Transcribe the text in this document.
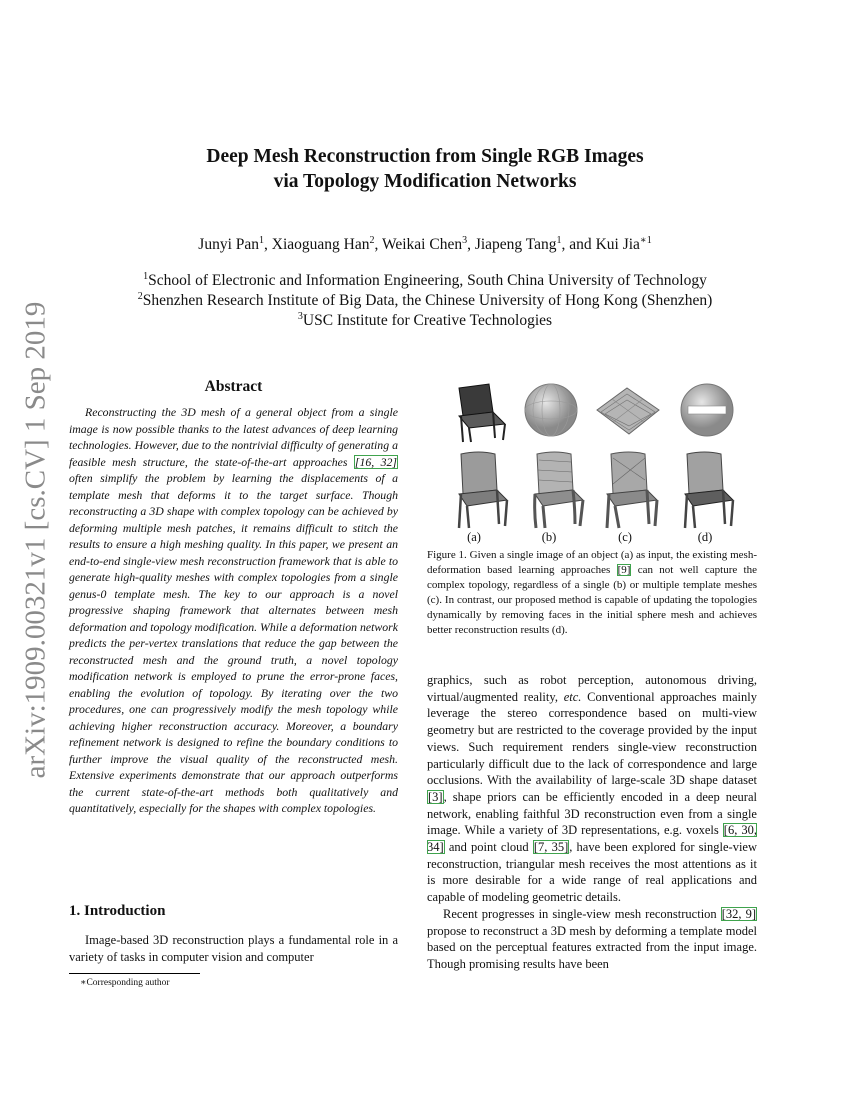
arXiv:1909.00321v1 [cs.CV] 1 Sep 2019
Deep Mesh Reconstruction from Single RGB Images
via Topology Modification Networks
Junyi Pan$^1$, Xiaoguang Han$^2$, Weikai Chen$^3$, Jiapeng Tang$^1$, and Kui Jia$^{∗1}$
$^1$School of Electronic and Information Engineering, South China University of Technology
$^2$Shenzhen Research Institute of Big Data, the Chinese University of Hong Kong (Shenzhen)
$^3$USC Institute for Creative Technologies
Abstract

Reconstructing the 3D mesh of a general object from a single image is now possible thanks to the latest advances of deep learning technologies. However, due to the nontrivial difficulty of generating a feasible mesh structure, the state-of-the-art approaches [16, 32] often simplify the problem by learning the displacements of a template mesh that deforms it to the target surface. Though reconstructing a 3D shape with complex topology can be achieved by deforming multiple mesh patches, it remains difficult to stitch the results to ensure a high meshing quality. In this paper, we present an end-to-end single-view mesh reconstruction framework that is able to generate high-quality meshes with complex topologies from a single genus-0 template mesh. The key to our approach is a novel progressive shaping framework that alternates between mesh deformation and topology modification. While a deformation network predicts the per-vertex translations that reduce the gap between the reconstructed mesh and the ground truth, a novel topology modification network is employed to prune the error-prone faces, enabling the evolution of topology. By iterating over the two procedures, one can progressively modify the mesh topology while achieving higher reconstruction accuracy. Moreover, a boundary refinement network is designed to refine the boundary conditions to further improve the visual quality of the reconstructed mesh. Extensive experiments demonstrate that our approach outperforms the current state-of-the-art methods both qualitatively and quantitatively, especially for the shapes with complex topologies.

1. Introduction

Image-based 3D reconstruction plays a fundamental role in a variety of tasks in computer vision and computer

∗Corresponding author
(a)	(b)	(c)	(d)

Figure 1. Given a single image of an object (a) as input, the existing mesh-deformation based learning approaches [9] can not well capture the complex topology, regardless of a single (b) or multiple template meshes (c). In contrast, our proposed method is capable of updating the topologies dynamically by removing faces in the initial sphere mesh and achieves better reconstruction results (d).

graphics, such as robot perception, autonomous driving, virtual/augmented reality, etc. Conventional approaches mainly leverage the stereo correspondence based on multi-view geometry but are restricted to the coverage provided by the input views. Such requirement renders single-view reconstruction particularly difficult due to the lack of correspondence and large occlusions. With the availability of large-scale 3D shape dataset [3], shape priors can be efficiently encoded in a deep neural network, enabling faithful 3D reconstruction even from a single image. While a variety of 3D representations, e.g. voxels [6, 30, 34] and point cloud [7, 35], have been explored for single-view reconstruction, triangular mesh receives the most attentions as it is more desirable for a wide range of real applications and capable of modeling geometric details.

Recent progresses in single-view mesh reconstruction [32, 9] propose to reconstruct a 3D mesh by deforming a template model based on the perceptual features extracted from the input image. Though promising results have been
